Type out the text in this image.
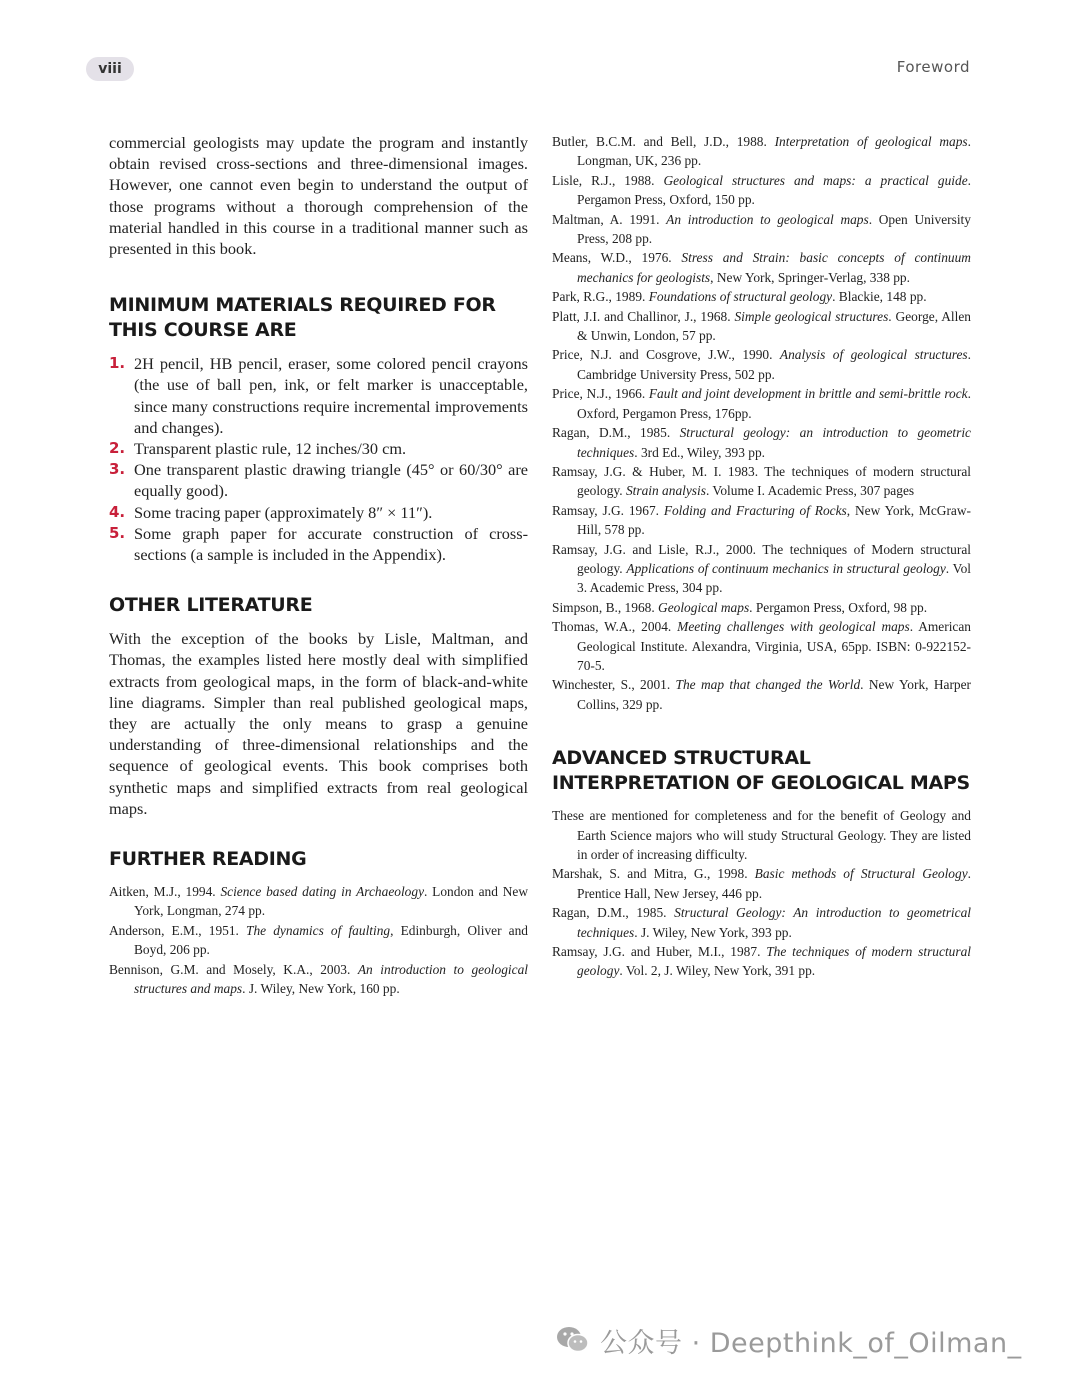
viii	Foreword

commercial geologists may update the program and instantly obtain revised cross-sections and three-dimensional images. However, one cannot even begin to understand the output of those programs without a thorough comprehension of the material handled in this course in a traditional manner such as presented in this book.

MINIMUM MATERIALS REQUIRED FOR
THIS COURSE ARE
1. 2H pencil, HB pencil, eraser, some colored pencil crayons (the use of ball pen, ink, or felt marker is unacceptable, since many constructions require incremental improvements and changes).
2. Transparent plastic rule, 12 inches/30 cm.
3. One transparent plastic drawing triangle (45° or 60/30° are equally good).
4. Some tracing paper (approximately 8″ × 11″).
5. Some graph paper for accurate construction of cross-sections (a sample is included in the Appendix).
OTHER LITERATURE

With the exception of the books by Lisle, Maltman, and Thomas, the examples listed here mostly deal with simplified extracts from geological maps, in the form of black-and-white line diagrams. Simpler than real published geological maps, they are actually the only means to grasp a genuine understanding of three-dimensional relationships and the sequence of geological events. This book comprises both synthetic maps and simplified extracts from real geological maps.

FURTHER READING

Aitken, M.J., 1994. Science based dating in Archaeology. London and New York, Longman, 274 pp.

Anderson, E.M., 1951. The dynamics of faulting, Edinburgh, Oliver and Boyd, 206 pp.

Bennison, G.M. and Mosely, K.A., 2003. An introduction to geological structures and maps. J. Wiley, New York, 160 pp.

Butler, B.C.M. and Bell, J.D., 1988. Interpretation of geological maps. Longman, UK, 236 pp.

Lisle, R.J., 1988. Geological structures and maps: a practical guide. Pergamon Press, Oxford, 150 pp.

Maltman, A. 1991. An introduction to geological maps. Open University Press, 208 pp.

Means, W.D., 1976. Stress and Strain: basic concepts of continuum mechanics for geologists, New York, Springer-Verlag, 338 pp.

Park, R.G., 1989. Foundations of structural geology. Blackie, 148 pp.

Platt, J.I. and Challinor, J., 1968. Simple geological structures. George, Allen & Unwin, London, 57 pp.

Price, N.J. and Cosgrove, J.W., 1990. Analysis of geological structures. Cambridge University Press, 502 pp.

Price, N.J., 1966. Fault and joint development in brittle and semi-brittle rock. Oxford, Pergamon Press, 176pp.

Ragan, D.M., 1985. Structural geology: an introduction to geometric techniques. 3rd Ed., Wiley, 393 pp.

Ramsay, J.G. & Huber, M. I. 1983. The techniques of modern structural geology. Strain analysis. Volume I. Academic Press, 307 pages

Ramsay, J.G. 1967. Folding and Fracturing of Rocks, New York, McGraw-Hill, 578 pp.

Ramsay, J.G. and Lisle, R.J., 2000. The techniques of Modern structural geology. Applications of continuum mechanics in structural geology. Vol 3. Academic Press, 304 pp.

Simpson, B., 1968. Geological maps. Pergamon Press, Oxford, 98 pp.

Thomas, W.A., 2004. Meeting challenges with geological maps. American Geological Institute. Alexandra, Virginia, USA, 65pp. ISBN: 0-922152-70-5.

Winchester, S., 2001. The map that changed the World. New York, Harper Collins, 329 pp.

ADVANCED STRUCTURAL
INTERPRETATION OF GEOLOGICAL MAPS

These are mentioned for completeness and for the benefit of Geology and Earth Science majors who will study Structural Geology. They are listed in order of increasing difficulty.

Marshak, S. and Mitra, G., 1998. Basic methods of Structural Geology. Prentice Hall, New Jersey, 446 pp.

Ragan, D.M., 1985. Structural Geology: An introduction to geometrical techniques. J. Wiley, New York, 393 pp.

Ramsay, J.G. and Huber, M.I., 1987. The techniques of modern structural geology. Vol. 2, J. Wiley, New York, 391 pp.

公众号 · Deepthink_of_Oilman_
